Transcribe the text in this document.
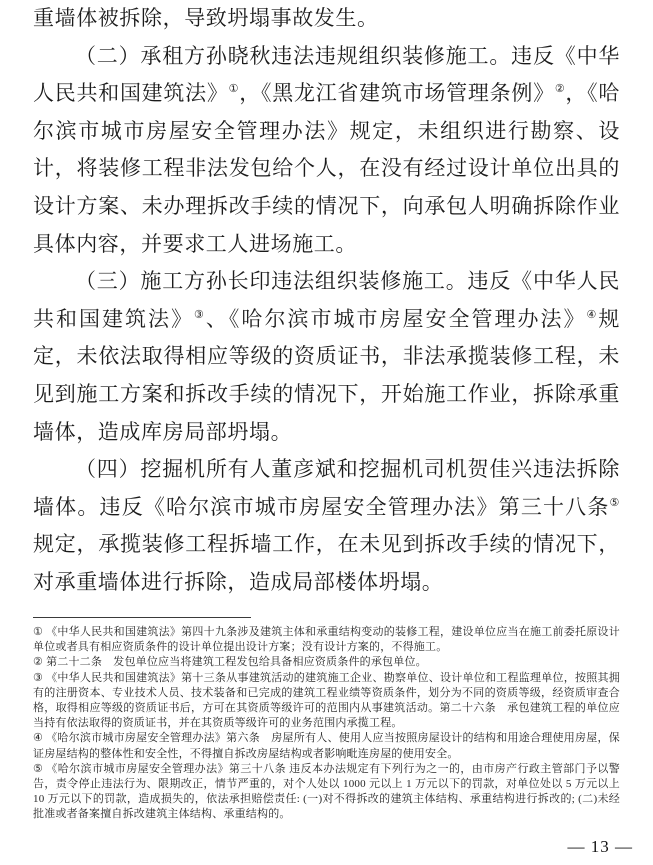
重墙体被拆除，导致坍塌事故发生。

（二）承租方孙晓秋违法违规组织装修施工。违反《中华人民共和国建筑法》①，《黑龙江省建筑市场管理条例》②，《哈尔滨市城市房屋安全管理办法》规定，未组织进行勘察、设计，将装修工程非法发包给个人，在没有经过设计单位出具的设计方案、未办理拆改手续的情况下，向承包人明确拆除作业具体内容，并要求工人进场施工。

（三）施工方孙长印违法组织装修施工。违反《中华人民共和国建筑法》③、《哈尔滨市城市房屋安全管理办法》④规定，未依法取得相应等级的资质证书，非法承揽装修工程，未见到施工方案和拆改手续的情况下，开始施工作业，拆除承重墙体，造成库房局部坍塌。

（四）挖掘机所有人董彦斌和挖掘机司机贺佳兴违法拆除墙体。违反《哈尔滨市城市房屋安全管理办法》第三十八条⑤规定，承揽装修工程拆墙工作，在未见到拆改手续的情况下，对承重墙体进行拆除，造成局部楼体坍塌。

① 《中华人民共和国建筑法》第四十九条涉及建筑主体和承重结构变动的装修工程，建设单位应当在施工前委托原设计单位或者具有相应资质条件的设计单位提出设计方案；没有设计方案的，不得施工。

② 第二十二条　发包单位应当将建筑工程发包给具备相应资质条件的承包单位。

③ 《中华人民共和国建筑法》第十三条从事建筑活动的建筑施工企业、勘察单位、设计单位和工程监理单位，按照其拥有的注册资本、专业技术人员、技术装备和已完成的建筑工程业绩等资质条件，划分为不同的资质等级，经资质审查合格，取得相应等级的资质证书后，方可在其资质等级许可的范围内从事建筑活动。第二十六条　承包建筑工程的单位应当持有依法取得的资质证书，并在其资质等级许可的业务范围内承揽工程。

④ 《哈尔滨市城市房屋安全管理办法》第六条　房屋所有人、使用人应当按照房屋设计的结构和用途合理使用房屋，保证房屋结构的整体性和安全性，不得擅自拆改房屋结构或者影响毗连房屋的使用安全。

⑤ 《哈尔滨市城市房屋安全管理办法》第三十八条 违反本办法规定有下列行为之一的，由市房产行政主管部门予以警告，责令停止违法行为、限期改正，情节严重的，对个人处以 1000 元以上 1 万元以下的罚款，对单位处以 5 万元以上 10 万元以下的罚款，造成损失的，依法承担赔偿责任: (一)对不得拆改的建筑主体结构、承重结构进行拆改的; (二)未经批准或者备案擅自拆改建筑主体结构、承重结构的。

— 13 —
